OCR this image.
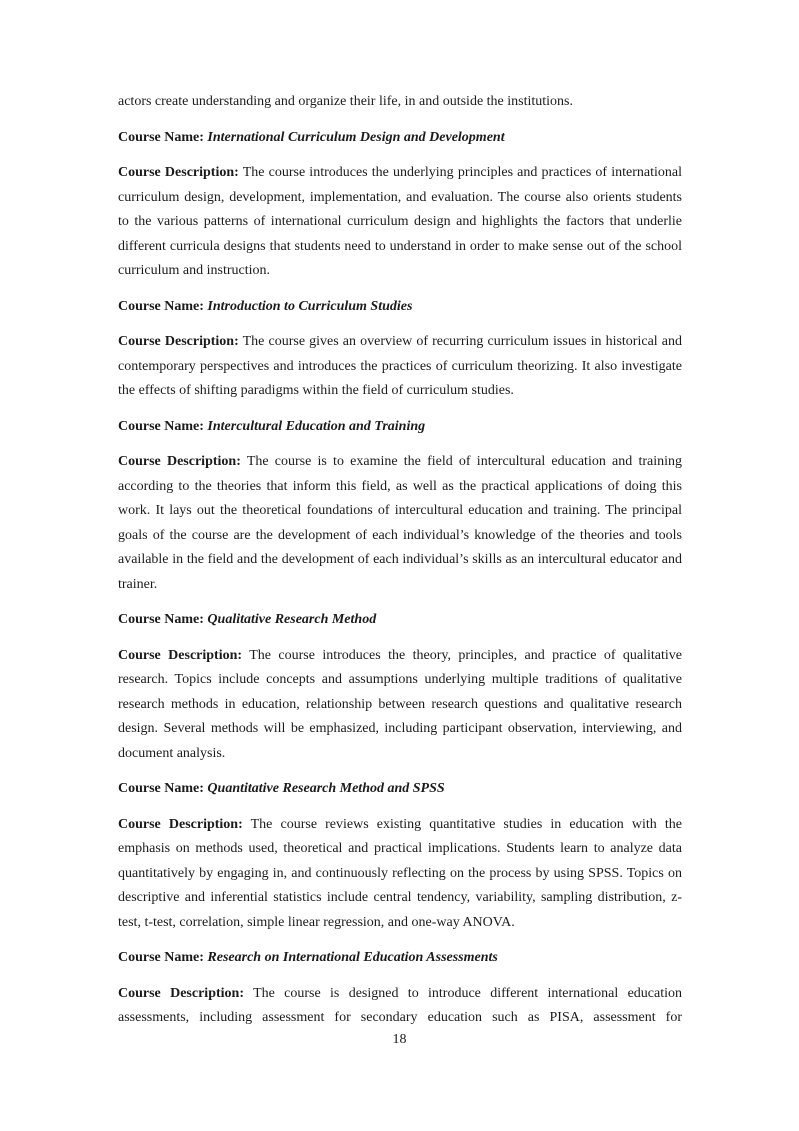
actors create understanding and organize their life, in and outside the institutions.

Course Name: International Curriculum Design and Development

Course Description: The course introduces the underlying principles and practices of international curriculum design, development, implementation, and evaluation. The course also orients students to the various patterns of international curriculum design and highlights the factors that underlie different curricula designs that students need to understand in order to make sense out of the school curriculum and instruction.

Course Name: Introduction to Curriculum Studies

Course Description: The course gives an overview of recurring curriculum issues in historical and contemporary perspectives and introduces the practices of curriculum theorizing. It also investigate the effects of shifting paradigms within the field of curriculum studies.

Course Name: Intercultural Education and Training

Course Description: The course is to examine the field of intercultural education and training according to the theories that inform this field, as well as the practical applications of doing this work. It lays out the theoretical foundations of intercultural education and training. The principal goals of the course are the development of each individual’s knowledge of the theories and tools available in the field and the development of each individual’s skills as an intercultural educator and trainer.

Course Name: Qualitative Research Method

Course Description: The course introduces the theory, principles, and practice of qualitative research. Topics include concepts and assumptions underlying multiple traditions of qualitative research methods in education, relationship between research questions and qualitative research design. Several methods will be emphasized, including participant observation, interviewing, and document analysis.

Course Name: Quantitative Research Method and SPSS

Course Description: The course reviews existing quantitative studies in education with the emphasis on methods used, theoretical and practical implications. Students learn to analyze data quantitatively by engaging in, and continuously reflecting on the process by using SPSS. Topics on descriptive and inferential statistics include central tendency, variability, sampling distribution, z-test, t-test, correlation, simple linear regression, and one-way ANOVA.

Course Name: Research on International Education Assessments

Course Description: The course is designed to introduce different international education assessments, including assessment for secondary education such as PISA, assessment for

18
